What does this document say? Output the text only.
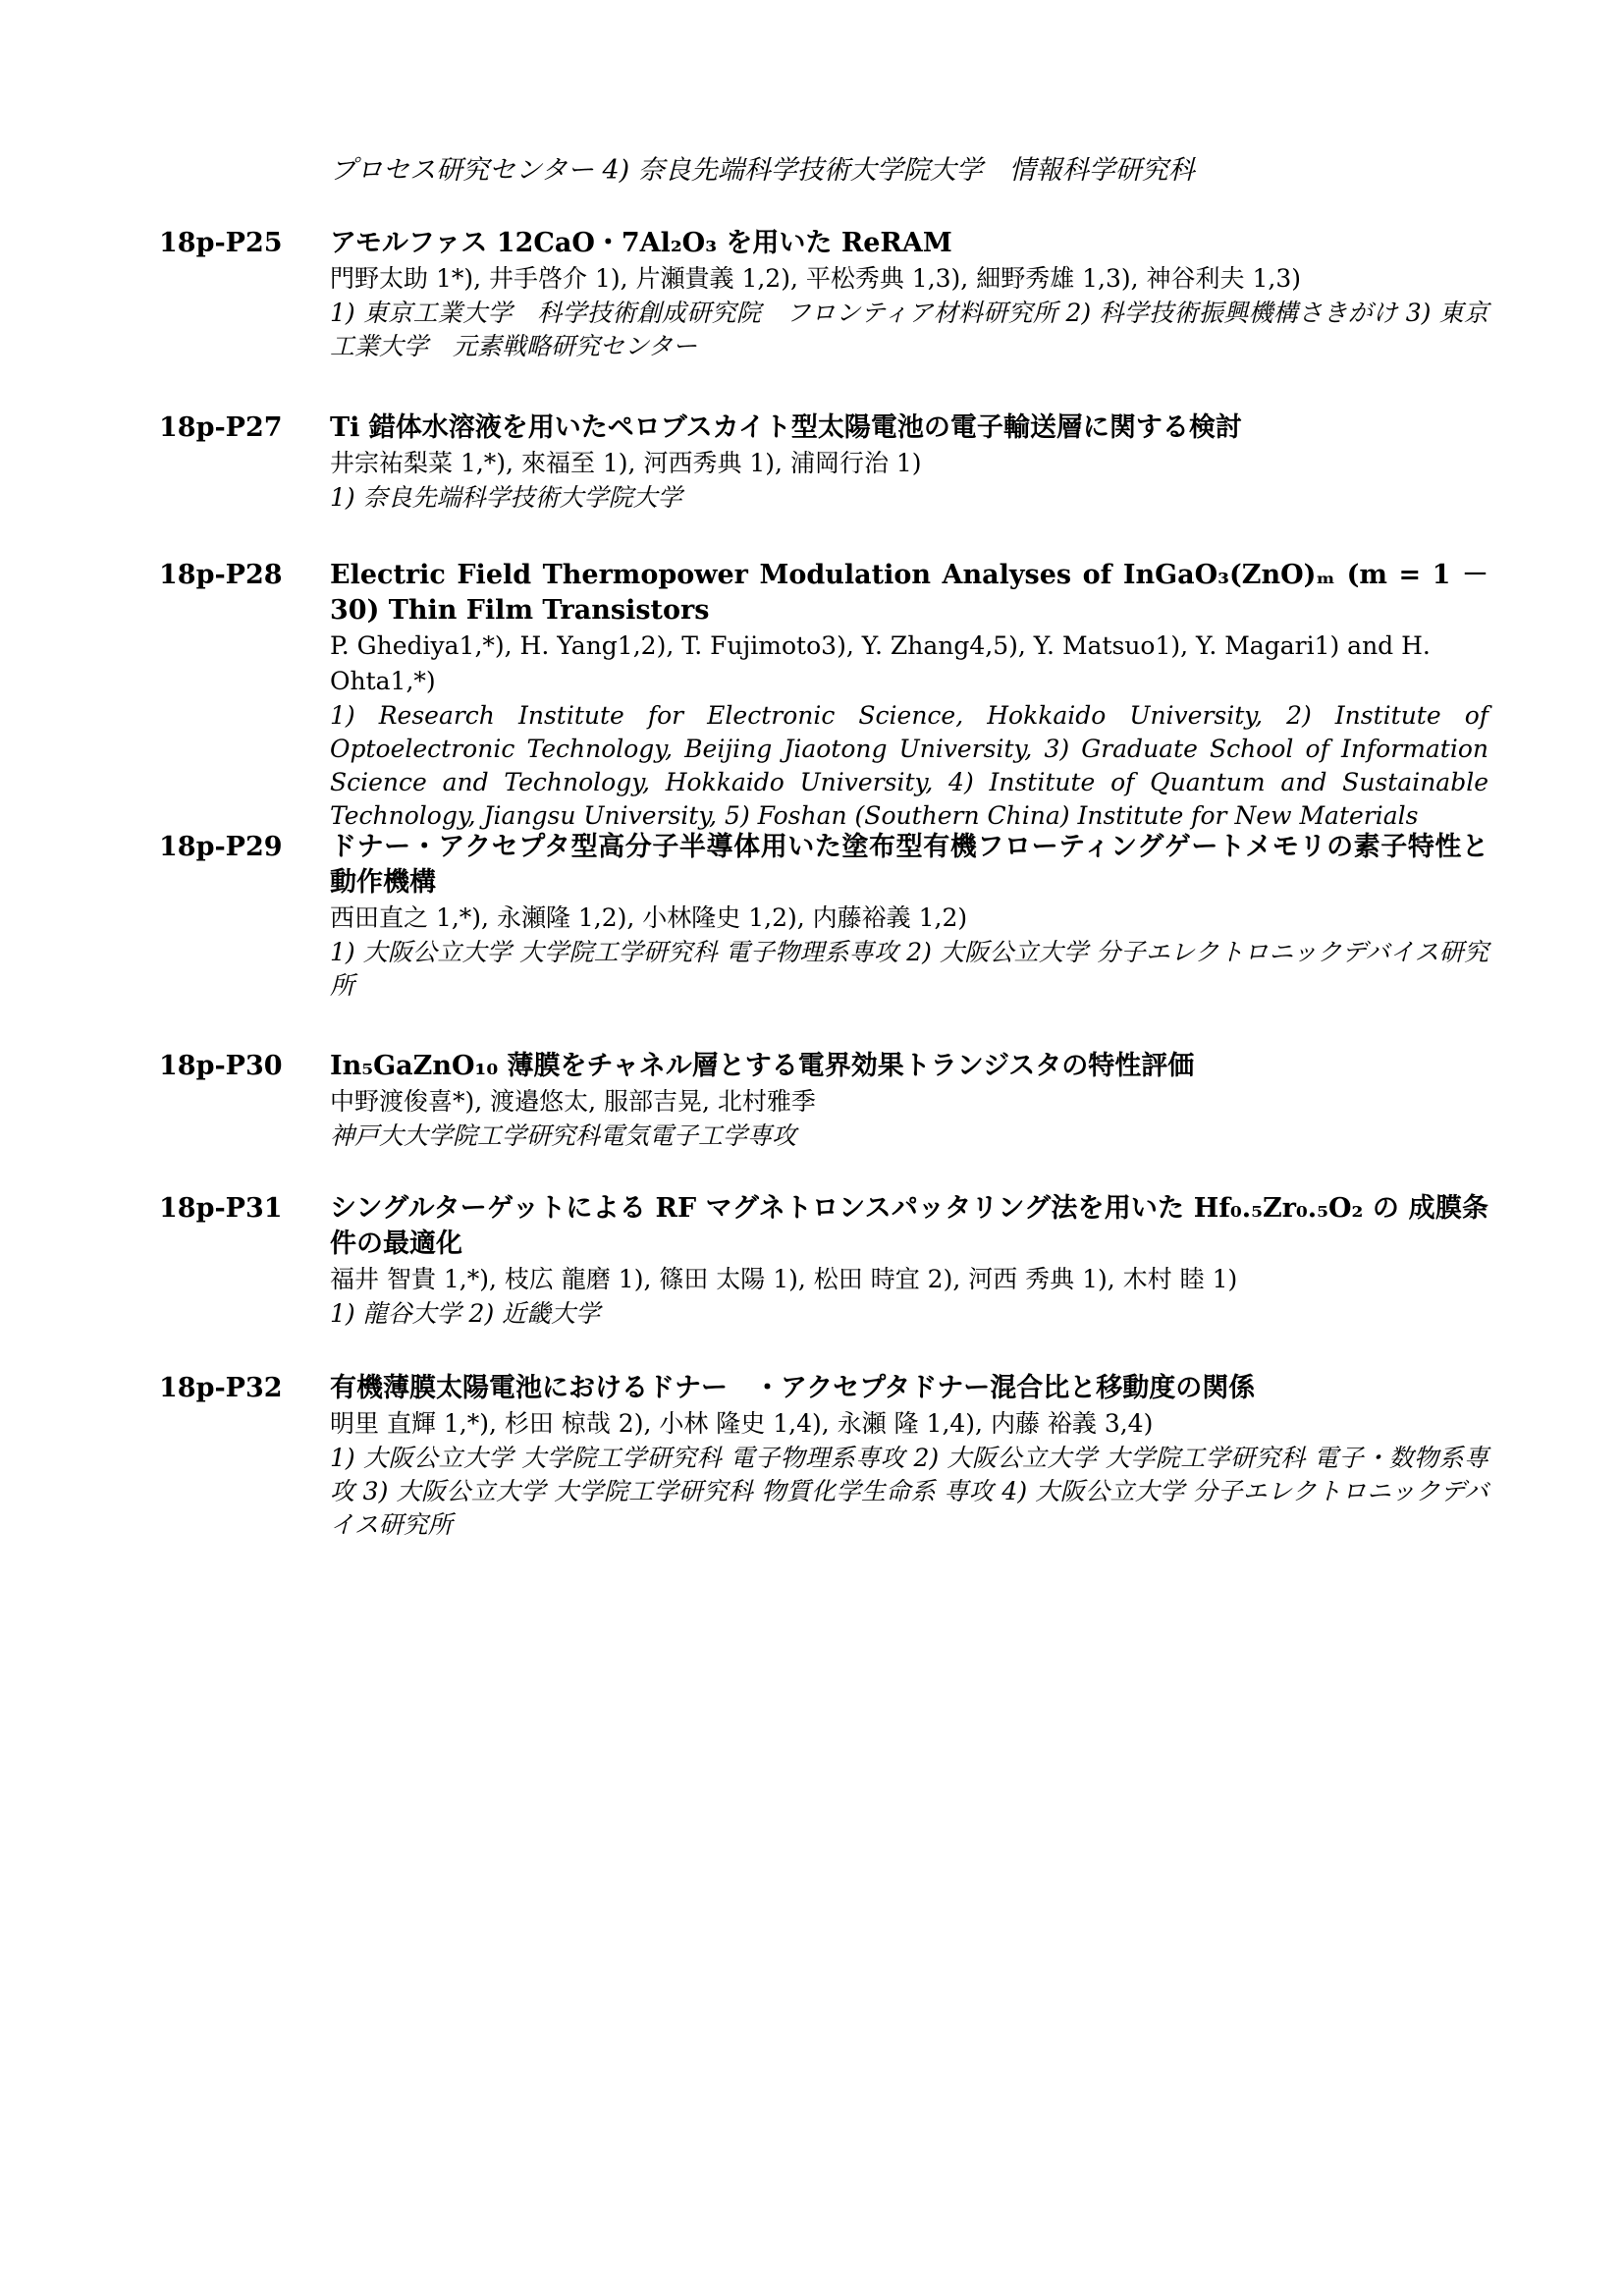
プロセス研究センター 4) 奈良先端科学技術大学院大学　情報科学研究科
18p-P25 アモルファス 12CaO・7Al₂O₃ を用いた ReRAM
門野太助 1*), 井手啓介 1), 片瀬貴義 1,2), 平松秀典 1,3), 細野秀雄 1,3), 神谷利夫 1,3)
1) 東京工業大学　科学技術創成研究院　フロンティア材料研究所 2) 科学技術振興機構さきがけ 3) 東京工業大学　元素戦略研究センター
18p-P27 Ti 錯体水溶液を用いたペロブスカイト型太陽電池の電子輸送層に関する検討
井宗祐梨菜 1,*), 來福至 1), 河西秀典 1), 浦岡行治 1)
1) 奈良先端科学技術大学院大学
18p-P28 Electric Field Thermopower Modulation Analyses of InGaO₃(ZnO)ₘ (m = 1 － 30) Thin Film Transistors
P. Ghediya1,*), H. Yang1,2), T. Fujimoto3), Y. Zhang4,5), Y. Matsuo1), Y. Magari1) and H. Ohta1,*)
1) Research Institute for Electronic Science, Hokkaido University, 2) Institute of Optoelectronic Technology, Beijing Jiaotong University, 3) Graduate School of Information Science and Technology, Hokkaido University, 4) Institute of Quantum and Sustainable Technology, Jiangsu University, 5) Foshan (Southern China) Institute for New Materials
18p-P29 ドナー・アクセプタ型高分子半導体用いた塗布型有機フローティングゲートメモリの素子特性と動作機構
西田直之 1,*), 永瀬隆 1,2), 小林隆史 1,2), 内藤裕義 1,2)
1) 大阪公立大学 大学院工学研究科 電子物理系専攻 2) 大阪公立大学 分子エレクトロニックデバイス研究所
18p-P30 In₅GaZnO₁₀ 薄膜をチャネル層とする電界効果トランジスタの特性評価
中野渡俊喜*), 渡邉悠太, 服部吉晃, 北村雅季
神戸大大学院工学研究科電気電子工学専攻
18p-P31 シングルターゲットによる RF マグネトロンスパッタリング法を用いた Hf₀.₅Zr₀.₅O₂ の 成膜条件の最適化
福井 智貴 1,*), 枝広 龍磨 1), 篠田 太陽 1), 松田 時宜 2), 河西 秀典 1), 木村 睦 1)
1) 龍谷大学 2) 近畿大学
18p-P32 有機薄膜太陽電池におけるドナー　・アクセプタドナー混合比と移動度の関係
明里 直輝 1,*), 杉田 椋哉 2), 小林 隆史 1,4), 永瀬 隆 1,4), 内藤 裕義 3,4)
1) 大阪公立大学 大学院工学研究科 電子物理系専攻 2) 大阪公立大学 大学院工学研究科 電子・数物系専攻 3) 大阪公立大学 大学院工学研究科 物質化学生命系 専攻 4) 大阪公立大学 分子エレクトロニックデバイス研究所
